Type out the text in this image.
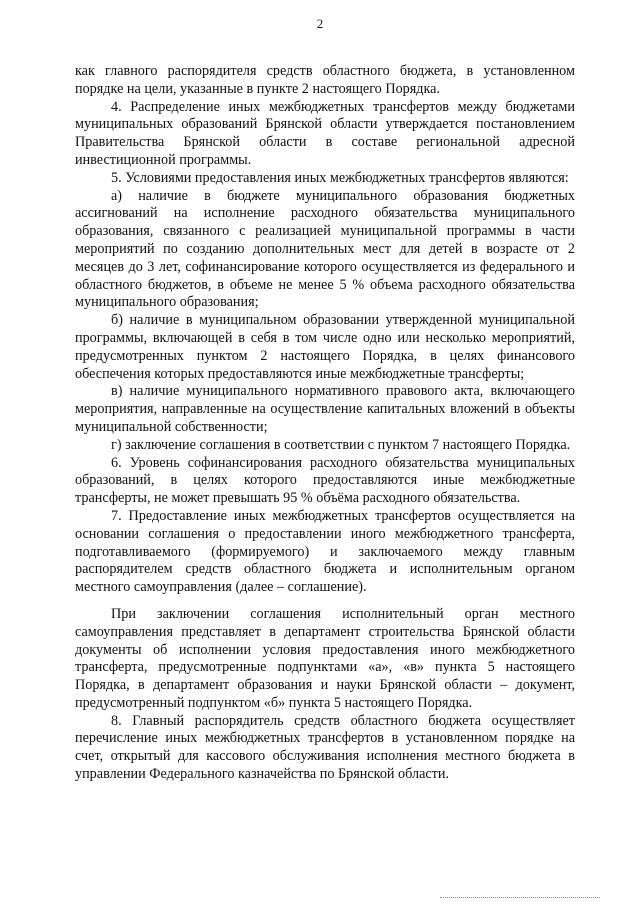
2

как главного распорядителя средств областного бюджета, в установленном порядке на цели, указанные в пункте 2 настоящего Порядка.

4. Распределение иных межбюджетных трансфертов между бюджетами муниципальных образований Брянской области утверждается постановлением Правительства Брянской области в составе региональной адресной инвестиционной программы.

5. Условиями предоставления иных межбюджетных трансфертов являются:

а) наличие в бюджете муниципального образования бюджетных ассигнований на исполнение расходного обязательства муниципального образования, связанного с реализацией муниципальной программы в части мероприятий по созданию дополнительных мест для детей в возрасте от 2 месяцев до 3 лет, софинансирование которого осуществляется из федерального и областного бюджетов, в объеме не менее 5 % объема расходного обязательства муниципального образования;

б) наличие в муниципальном образовании утвержденной муниципальной программы, включающей в себя в том числе одно или несколько мероприятий, предусмотренных пунктом 2 настоящего Порядка, в целях финансового обеспечения которых предоставляются иные межбюджетные трансферты;

в) наличие муниципального нормативного правового акта, включающего мероприятия, направленные на осуществление капитальных вложений в объекты муниципальной собственности;

г) заключение соглашения в соответствии с пунктом 7 настоящего Порядка.

6. Уровень софинансирования расходного обязательства муниципальных образований, в целях которого предоставляются иные межбюджетные трансферты, не может превышать 95 % объёма расходного обязательства.

7. Предоставление иных межбюджетных трансфертов осуществляется на основании соглашения о предоставлении иного межбюджетного трансферта, подготавливаемого (формируемого) и заключаемого между главным распорядителем средств областного бюджета и исполнительным органом местного самоуправления (далее – соглашение).

При заключении соглашения исполнительный орган местного самоуправления представляет в департамент строительства Брянской области документы об исполнении условия предоставления иного межбюджетного трансферта, предусмотренные подпунктами «а», «в» пункта 5 настоящего Порядка, в департамент образования и науки Брянской области – документ, предусмотренный подпунктом «б» пункта 5 настоящего Порядка.

8. Главный распорядитель средств областного бюджета осуществляет перечисление иных межбюджетных трансфертов в установленном порядке на счет, открытый для кассового обслуживания исполнения местного бюджета в управлении Федерального казначейства по Брянской области.
